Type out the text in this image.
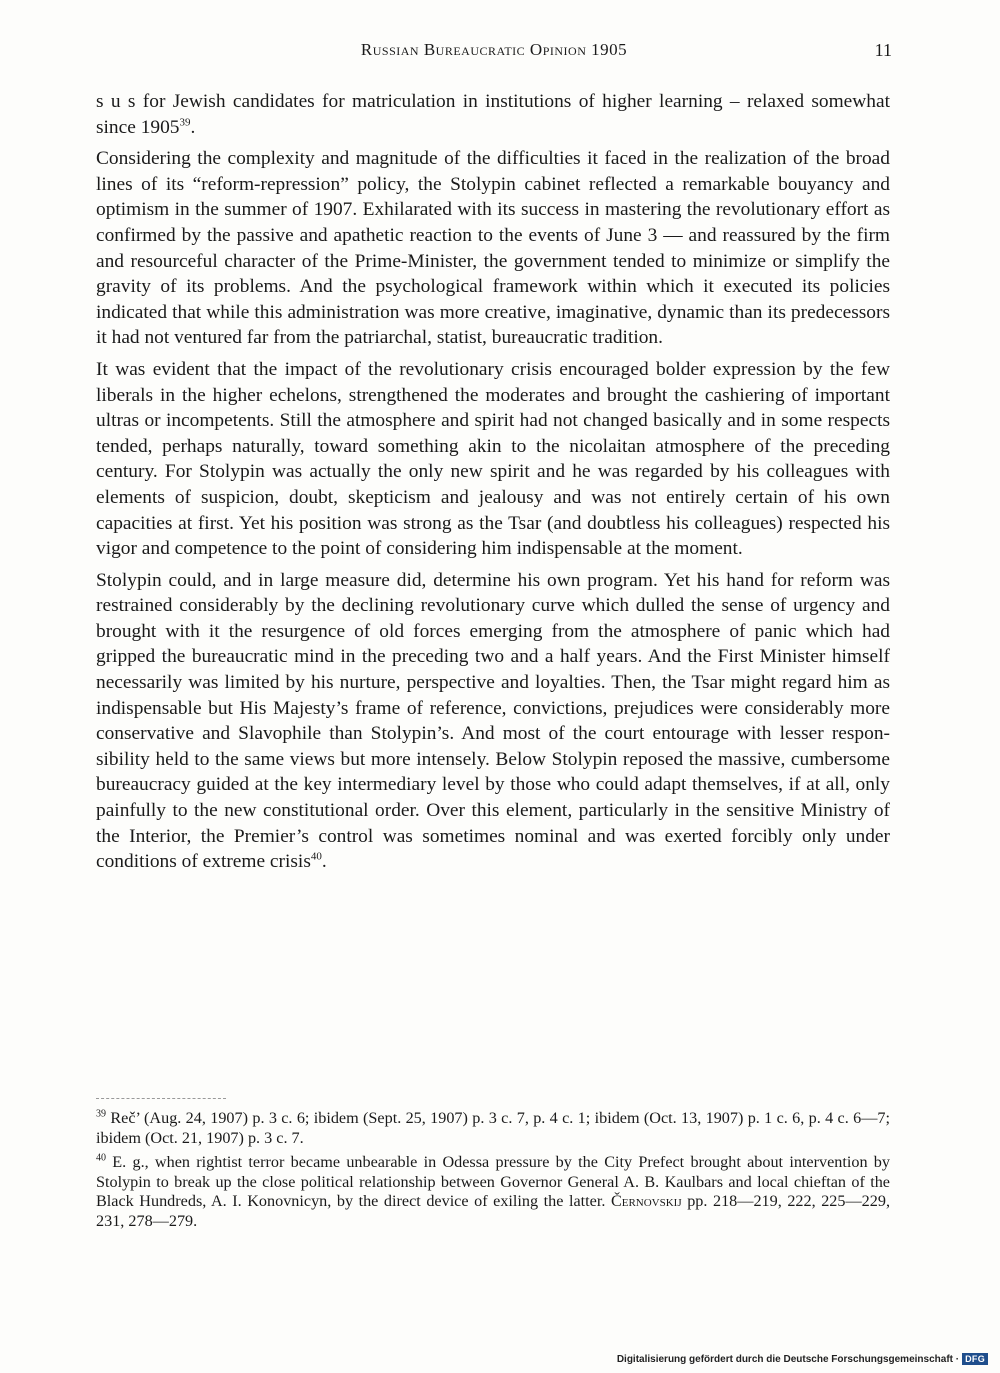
Russian Bureaucratic Opinion 1905	11

s u s for Jewish candidates for matriculation in institutions of higher learning – relaxed somewhat since 1905$^{39}$.

Considering the complexity and magnitude of the difficulties it faced in the realization of the broad lines of its “reform-repression” policy, the Stolypin cabinet reflected a remarkable bouyancy and optimism in the summer of 1907. Exhilarated with its success in mastering the revolutionary effort as confirmed by the passive and apathetic reaction to the events of June 3 — and reassured by the firm and resourceful character of the Prime-Minister, the government tended to minimize or simplify the gravity of its problems. And the psychological framework within which it executed its policies indicated that while this administration was more creative, imaginative, dynamic than its predecessors it had not ventured far from the patriarchal, statist, bureaucratic tradition.

It was evident that the impact of the revolutionary crisis encouraged bolder expression by the few liberals in the higher echelons, strengthened the moderates and brought the cashiering of important ultras or incompetents. Still the atmosphere and spirit had not changed basically and in some respects tended, perhaps naturally, toward something akin to the nicolaitan atmosphere of the preceding century. For Stolypin was actually the only new spirit and he was regarded by his colleagues with elements of suspicion, doubt, skepticism and jealousy and was not entirely certain of his own capacities at first. Yet his position was strong as the Tsar (and doubtless his colleagues) respected his vigor and competence to the point of considering him indispensable at the moment.

Stolypin could, and in large measure did, determine his own program. Yet his hand for reform was restrained considerably by the declining revolutionary curve which dulled the sense of urgency and brought with it the resurgence of old forces emerging from the atmosphere of panic which had gripped the bureaucratic mind in the preceding two and a half years. And the First Minister himself necessarily was limited by his nurture, perspective and loyalties. Then, the Tsar might regard him as indispensable but His Majesty’s frame of reference, convictions, prejudices were considerably more conservative and Slavophile than Stolypin’s. And most of the court entourage with lesser responsibility held to the same views but more intensely. Below Stolypin reposed the massive, cumbersome bureaucracy guided at the key intermediary level by those who could adapt themselves, if at all, only painfully to the new constitutional order. Over this element, particularly in the sensitive Ministry of the Interior, the Premier’s control was sometimes nominal and was exerted forcibly only under conditions of extreme crisis$^{40}$.

$^{39}$ Reč’ (Aug. 24, 1907) p. 3 c. 6; ibidem (Sept. 25, 1907) p. 3 c. 7, p. 4 c. 1; ibidem (Oct. 13, 1907) p. 1 c. 6, p. 4 c. 6—7; ibidem (Oct. 21, 1907) p. 3 c. 7.

$^{40}$ E. g., when rightist terror became unbearable in Odessa pressure by the City Prefect brought about intervention by Stolypin to break up the close political relationship between Governor General A. B. Kaulbars and local chieftan of the Black Hundreds, A. I. Konovnicyn, by the direct device of exiling the latter. Černovskij pp. 218—219, 222, 225—229, 231, 278—279.

Digitalisierung gefördert durch die Deutsche Forschungsgemeinschaft · DFG
